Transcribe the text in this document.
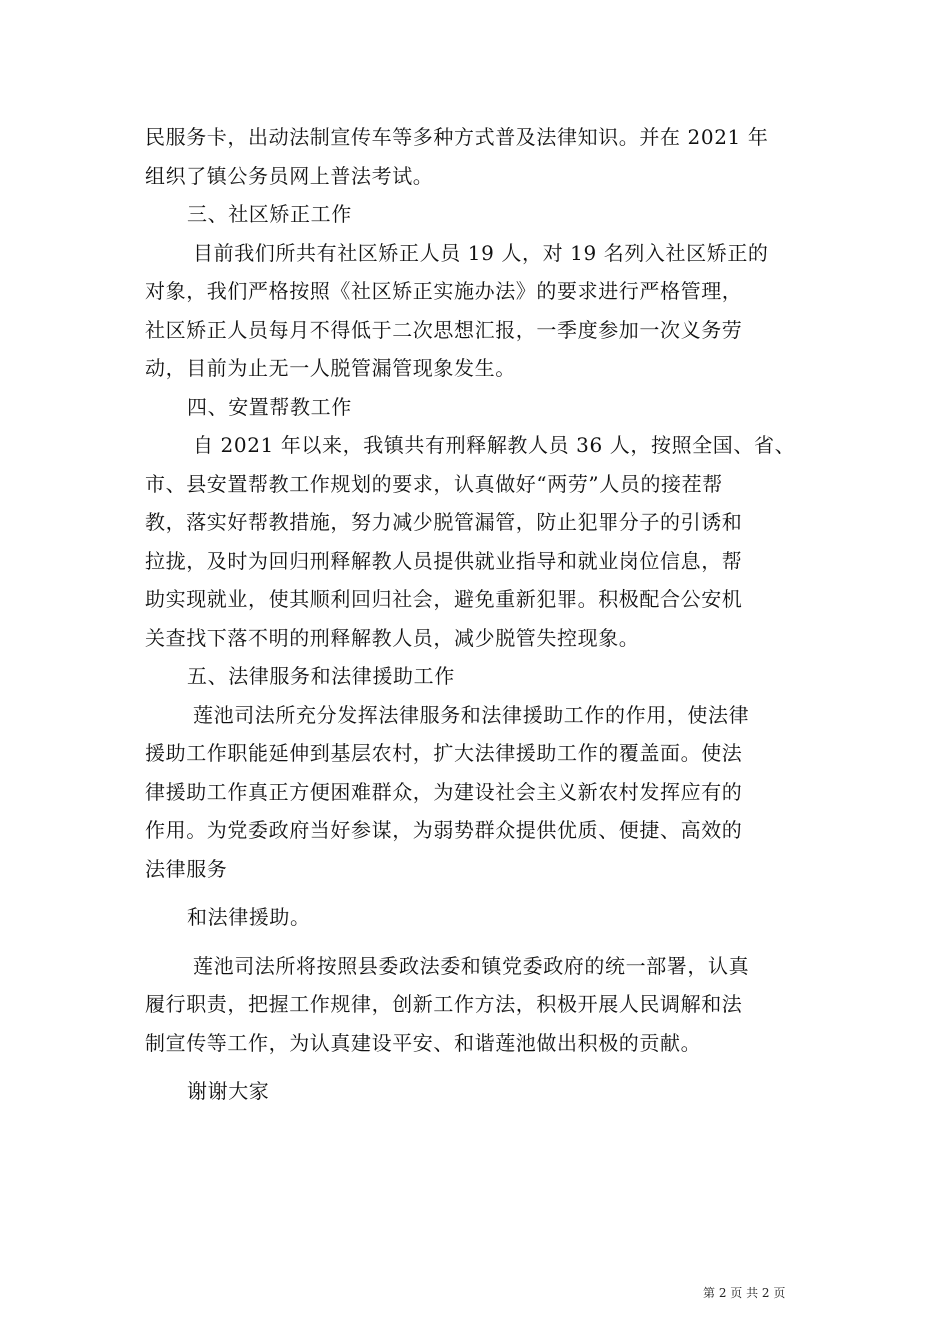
民服务卡，出动法制宣传车等多种方式普及法律知识。并在 2021 年
组织了镇公务员网上普法考试。
三、社区矫正工作
目前我们所共有社区矫正人员 19 人，对 19 名列入社区矫正的
对象，我们严格按照《社区矫正实施办法》的要求进行严格管理，
社区矫正人员每月不得低于二次思想汇报，一季度参加一次义务劳
动，目前为止无一人脱管漏管现象发生。
四、安置帮教工作
自 2021 年以来，我镇共有刑释解教人员 36 人，按照全国、省、
市、县安置帮教工作规划的要求，认真做好“两劳”人员的接茬帮
教，落实好帮教措施，努力减少脱管漏管，防止犯罪分子的引诱和
拉拢，及时为回归刑释解教人员提供就业指导和就业岗位信息，帮
助实现就业，使其顺利回归社会，避免重新犯罪。积极配合公安机
关查找下落不明的刑释解教人员，减少脱管失控现象。
五、法律服务和法律援助工作
莲池司法所充分发挥法律服务和法律援助工作的作用，使法律
援助工作职能延伸到基层农村，扩大法律援助工作的覆盖面。使法
律援助工作真正方便困难群众，为建设社会主义新农村发挥应有的
作用。为党委政府当好参谋，为弱势群众提供优质、便捷、高效的
法律服务
和法律援助。
莲池司法所将按照县委政法委和镇党委政府的统一部署，认真
履行职责，把握工作规律，创新工作方法，积极开展人民调解和法
制宣传等工作，为认真建设平安、和谐莲池做出积极的贡献。
谢谢大家
第 2 页 共 2 页
